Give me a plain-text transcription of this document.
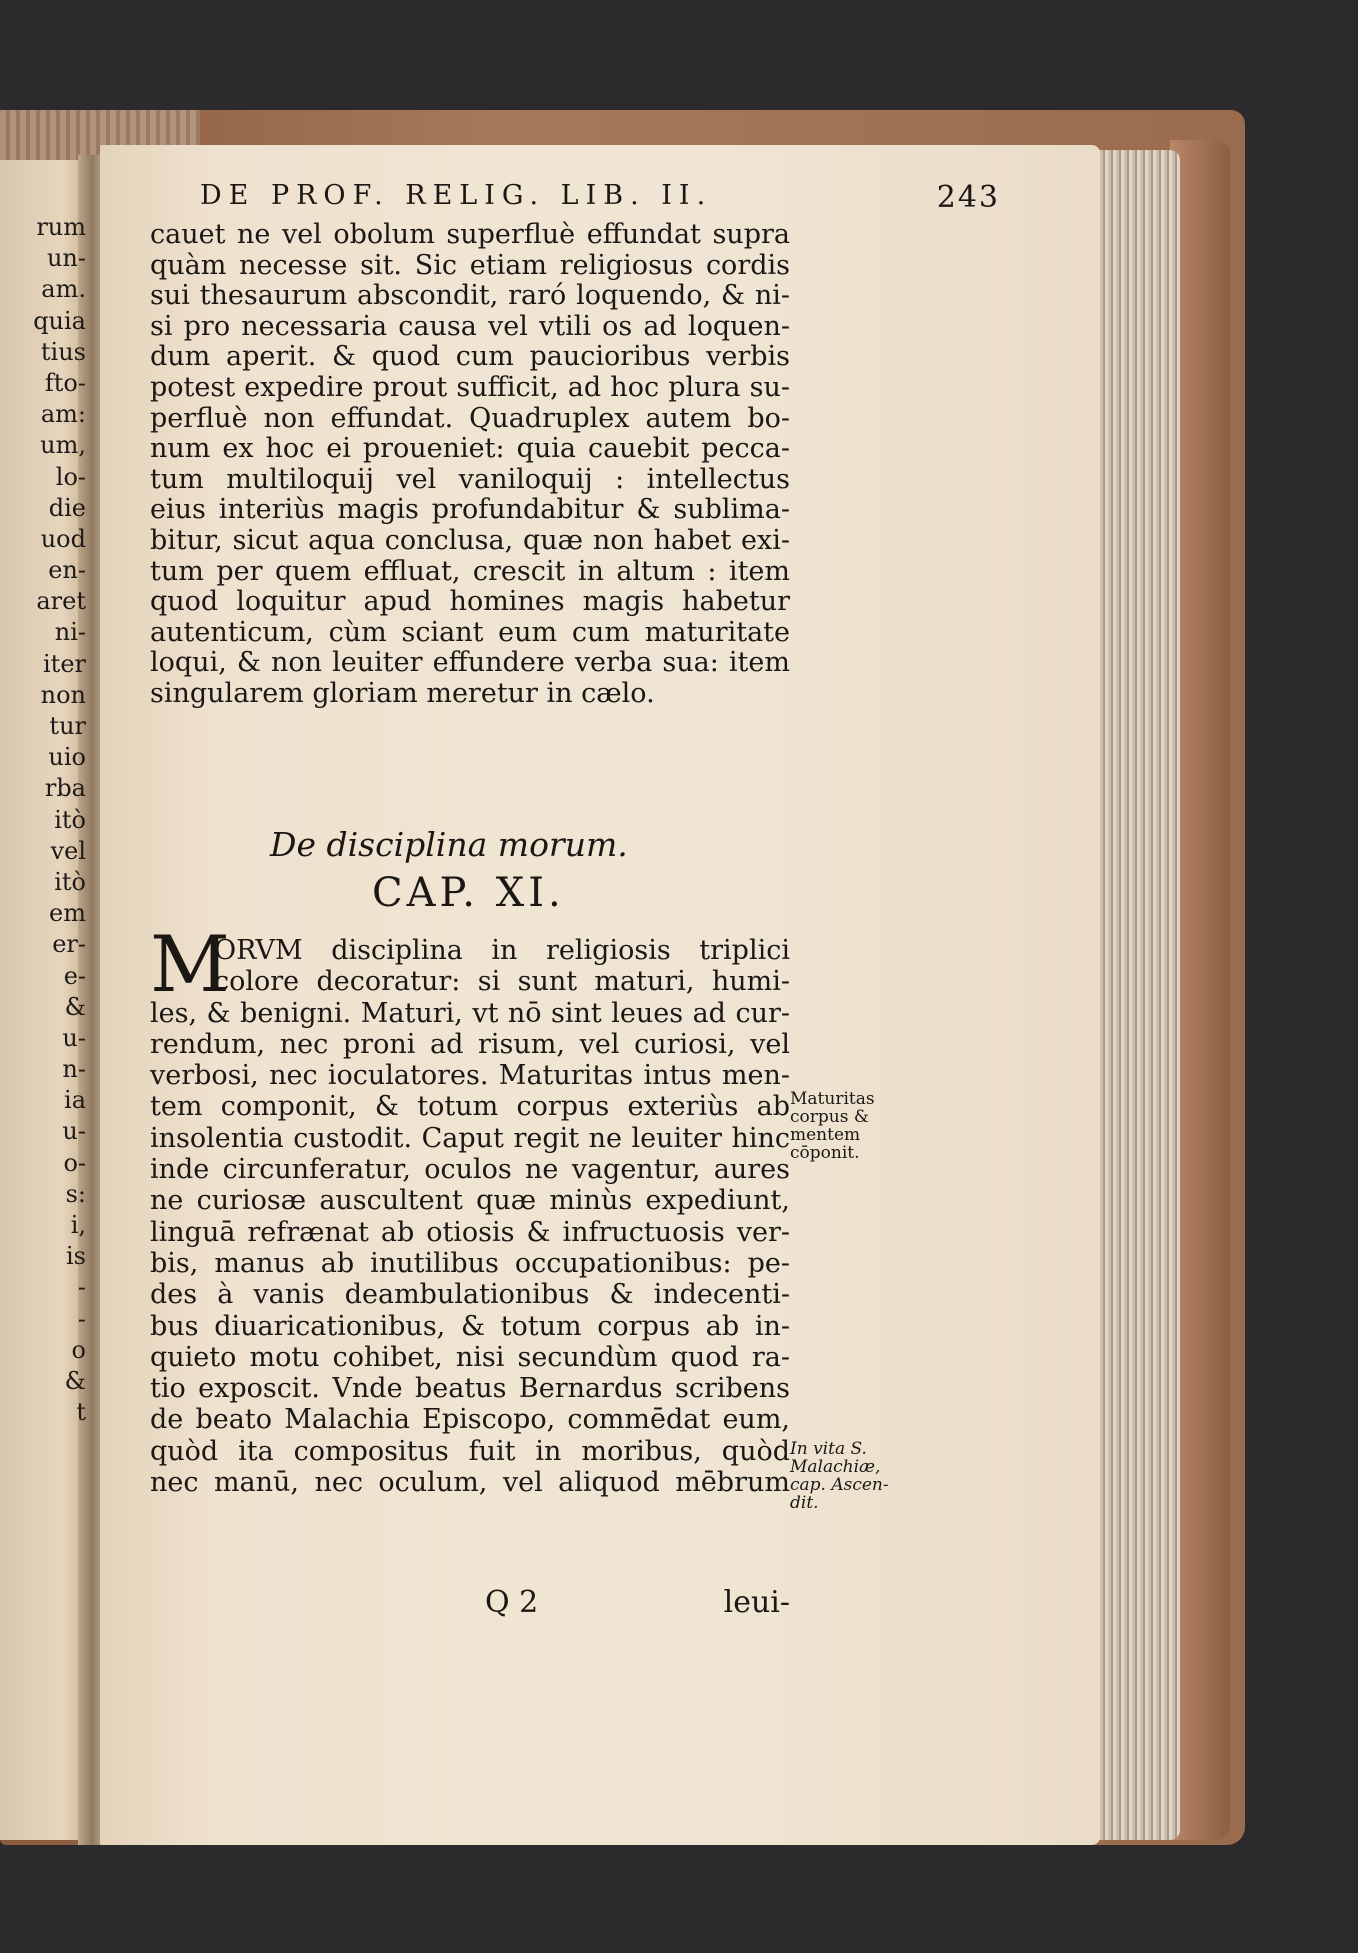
rum
un-
am.
quia
tius
fto-
am:
um,
lo-
die
uod
en-
aret
ni-
iter
non
tur
uio
rba
itò
vel
itò
em
er-
e-
&
u-
n-
ia
u-
o-
s:
i,
is
-
-
o
&
t
DE PROF. RELIG. LIB. II.	243
cauet ne vel obolum superfluè effundat supra
quàm necesse sit. Sic etiam religiosus cordis
sui thesaurum abscondit, raró loquendo, & ni-
si pro necessaria causa vel vtili os ad loquen-
dum aperit. & quod cum paucioribus verbis
potest expedire prout sufficit, ad hoc plura su-
perfluè non effundat. Quadruplex autem bo-
num ex hoc ei proueniet: quia cauebit pecca-
tum multiloquij vel vaniloquij : intellectus
eius interiùs magis profundabitur & sublima-
bitur, sicut aqua conclusa, quæ non habet exi-
tum per quem effluat, crescit in altum : item
quod loquitur apud homines magis habetur
autenticum, cùm sciant eum cum maturitate
loqui, & non leuiter effundere verba sua: item
singularem gloriam meretur in cælo.
De disciplina morum.
CAP. XI.
M
ORVM disciplina in religiosis triplici
colore decoratur: si sunt maturi, humi-
les, & benigni. Maturi, vt nō sint leues ad cur-
rendum, nec proni ad risum, vel curiosi, vel
verbosi, nec ioculatores. Maturitas intus men-
tem componit, & totum corpus exteriùs ab
insolentia custodit. Caput regit ne leuiter hinc
inde circunferatur, oculos ne vagentur, aures
ne curiosæ auscultent quæ minùs expediunt,
linguā refrænat ab otiosis & infructuosis ver-
bis, manus ab inutilibus occupationibus: pe-
des à vanis deambulationibus & indecenti-
bus diuaricationibus, & totum corpus ab in-
quieto motu cohibet, nisi secundùm quod ra-
tio exposcit. Vnde beatus Bernardus scribens
de beato Malachia Episcopo, commēdat eum,
quòd ita compositus fuit in moribus, quòd
nec manū, nec oculum, vel aliquod mēbrum
Maturitas
corpus &
mentem
cōponit.
In vita S.
Malachiæ,
cap. Ascen-
dit.
Q 2	leui-
